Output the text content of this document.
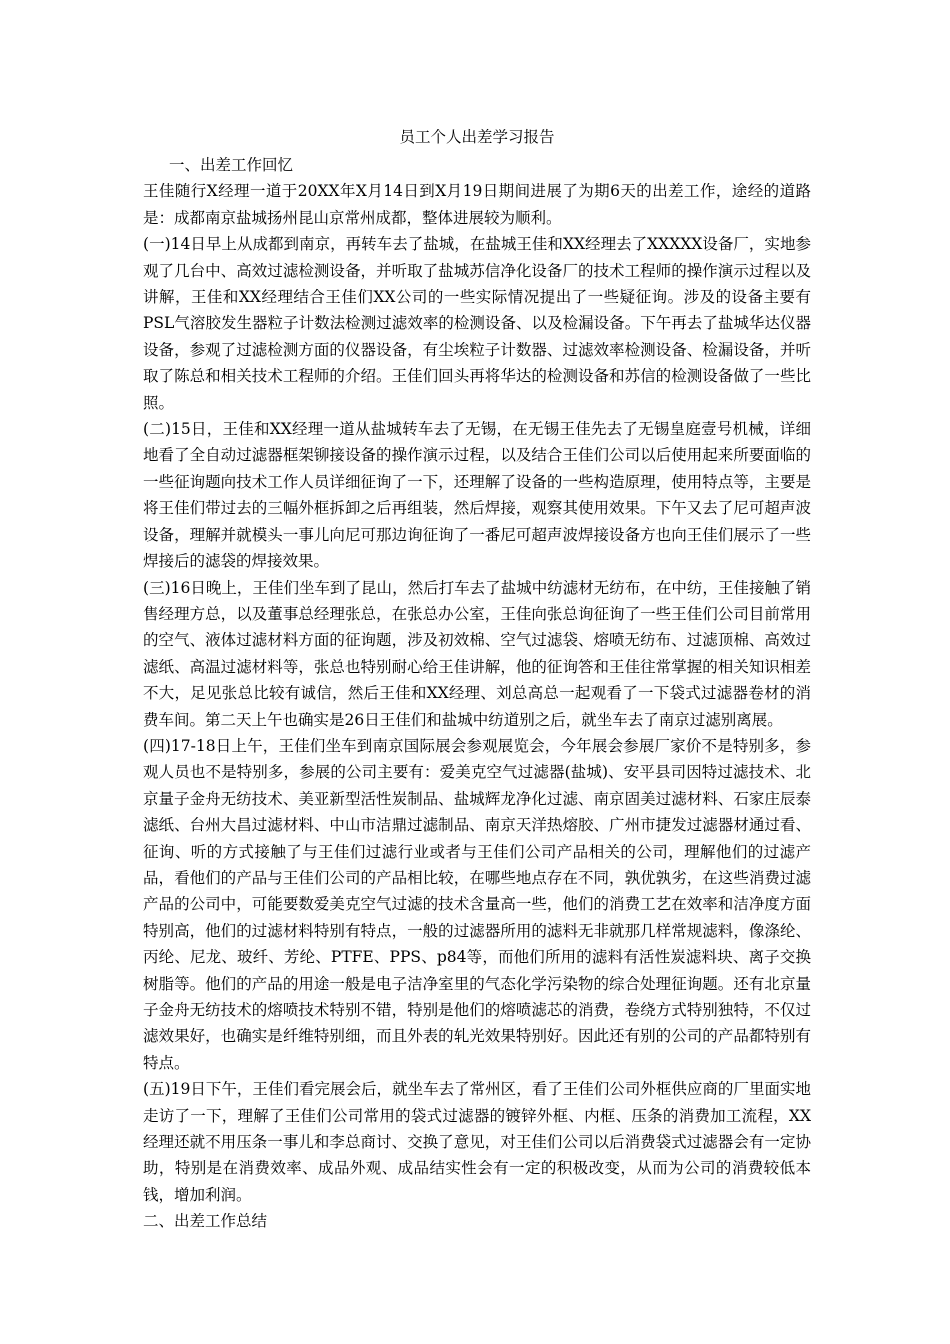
员工个人出差学习报告

一、出差工作回忆

王佳随行X经理一道于20XX年X月14日到X月19日期间进展了为期6天的出差工作，途经的道路是：成都南京盐城扬州昆山京常州成都，整体进展较为顺利。

(一)14日早上从成都到南京，再转车去了盐城，在盐城王佳和XX经理去了XXXXX设备厂，实地参观了几台中、高效过滤检测设备，并听取了盐城苏信净化设备厂的技术工程师的操作演示过程以及讲解，王佳和XX经理结合王佳们XX公司的一些实际情况提出了一些疑征询。涉及的设备主要有PSL气溶胶发生器粒子计数法检测过滤效率的检测设备、以及检漏设备。下午再去了盐城华达仪器设备，参观了过滤检测方面的仪器设备，有尘埃粒子计数器、过滤效率检测设备、检漏设备，并听取了陈总和相关技术工程师的介绍。王佳们回头再将华达的检测设备和苏信的检测设备做了一些比照。

(二)15日，王佳和XX经理一道从盐城转车去了无锡，在无锡王佳先去了无锡皇庭壹号机械，详细地看了全自动过滤器框架铆接设备的操作演示过程，以及结合王佳们公司以后使用起来所要面临的一些征询题向技术工作人员详细征询了一下，还理解了设备的一些构造原理，使用特点等，主要是将王佳们带过去的三幅外框拆卸之后再组装，然后焊接，观察其使用效果。下午又去了尼可超声波设备，理解并就模头一事儿向尼可那边询征询了一番尼可超声波焊接设备方也向王佳们展示了一些焊接后的滤袋的焊接效果。

(三)16日晚上，王佳们坐车到了昆山，然后打车去了盐城中纺滤材无纺布，在中纺，王佳接触了销售经理方总，以及董事总经理张总，在张总办公室，王佳向张总询征询了一些王佳们公司目前常用的空气、液体过滤材料方面的征询题，涉及初效棉、空气过滤袋、熔喷无纺布、过滤顶棉、高效过滤纸、高温过滤材料等，张总也特别耐心给王佳讲解，他的征询答和王佳往常掌握的相关知识相差不大，足见张总比较有诚信，然后王佳和XX经理、刘总高总一起观看了一下袋式过滤器卷材的消费车间。第二天上午也确实是26日王佳们和盐城中纺道别之后，就坐车去了南京过滤别离展。

(四)17-18日上午，王佳们坐车到南京国际展会参观展览会，今年展会参展厂家价不是特别多，参观人员也不是特别多，参展的公司主要有：爱美克空气过滤器(盐城)、安平县司因特过滤技术、北京量子金舟无纺技术、美亚新型活性炭制品、盐城辉龙净化过滤、南京固美过滤材料、石家庄辰泰滤纸、台州大昌过滤材料、中山市洁鼎过滤制品、南京天洋热熔胶、广州市捷发过滤器材通过看、征询、听的方式接触了与王佳们过滤行业或者与王佳们公司产品相关的公司，理解他们的过滤产品，看他们的产品与王佳们公司的产品相比较，在哪些地点存在不同，孰优孰劣，在这些消费过滤产品的公司中，可能要数爱美克空气过滤的技术含量高一些，他们的消费工艺在效率和洁净度方面特别高，他们的过滤材料特别有特点，一般的过滤器所用的滤料无非就那几样常规滤料，像涤纶、丙纶、尼龙、玻纤、芳纶、PTFE、PPS、p84等，而他们所用的滤料有活性炭滤料块、离子交换树脂等。他们的产品的用途一般是电子洁净室里的气态化学污染物的综合处理征询题。还有北京量子金舟无纺技术的熔喷技术特别不错，特别是他们的熔喷滤芯的消费，卷绕方式特别独特，不仅过滤效果好，也确实是纤维特别细，而且外表的轧光效果特别好。因此还有别的公司的产品都特别有特点。

(五)19日下午，王佳们看完展会后，就坐车去了常州区，看了王佳们公司外框供应商的厂里面实地走访了一下，理解了王佳们公司常用的袋式过滤器的镀锌外框、内框、压条的消费加工流程，XX经理还就不用压条一事儿和李总商讨、交换了意见，对王佳们公司以后消费袋式过滤器会有一定协助，特别是在消费效率、成品外观、成品结实性会有一定的积极改变，从而为公司的消费较低本钱，增加利润。

二、出差工作总结
